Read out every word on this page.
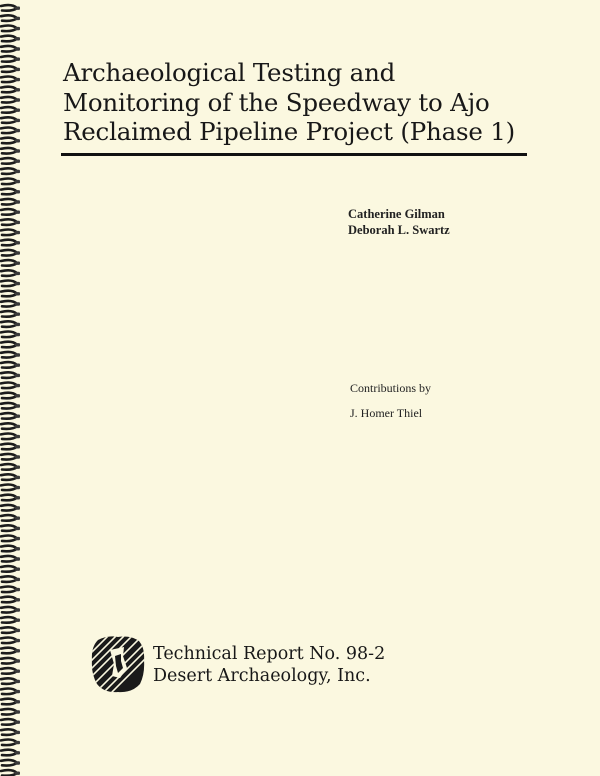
Archaeological Testing and
Monitoring of the Speedway to Ajo
Reclaimed Pipeline Project (Phase 1)
Catherine Gilman
Deborah L. Swartz
Contributions by
J. Homer Thiel
Technical Report No. 98-2
Desert Archaeology, Inc.
